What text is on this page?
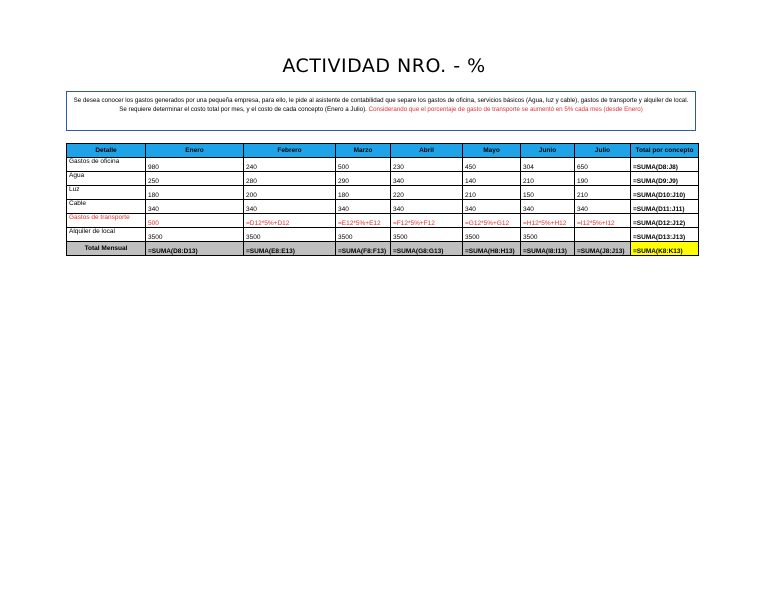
ACTIVIDAD NRO. - %
Se desea conocer los gastos generados por una pequeña empresa, para ello, le pide al asistente de contabilidad que separe los gastos de oficina, servicios básicos (Agua, luz y cable), gastos de transporte y alquiler de local.
Se requiere determinar el costo total por mes, y el costo de cada concepto (Enero a Julio). Considerando que el porcentaje de gasto de transporte se aumentó en 5% cada mes (desde Enero)
Detalle	Enero	Febrero	Marzo	Abril	Mayo	Junio	Julio	Total por concepto
Gastos de oficina	980	240	500	230	450	304	650	=SUMA(D8:J8)
Agua	250	280	290	340	140	210	190	=SUMA(D9:J9)
Luz	180	200	180	220	210	150	210	=SUMA(D10:J10)
Cable	340	340	340	340	340	340	340	=SUMA(D11:J11)
Gastos de transporte	500	=D12*5%+D12	=E12*5%+E12	=F12*5%+F12	=G12*5%+G12	=H12*5%+H12	=I12*5%+I12	=SUMA(D12:J12)
Alquiler de local	3500	3500	3500	3500	3500	3500		=SUMA(D13:J13)
Total Mensual	=SUMA(D8:D13)	=SUMA(E8:E13)	=SUMA(F8:F13)	=SUMA(G8:G13)	=SUMA(H8:H13)	=SUMA(I8:I13)	=SUMA(J8:J13)	=SUMA(K8:K13)
